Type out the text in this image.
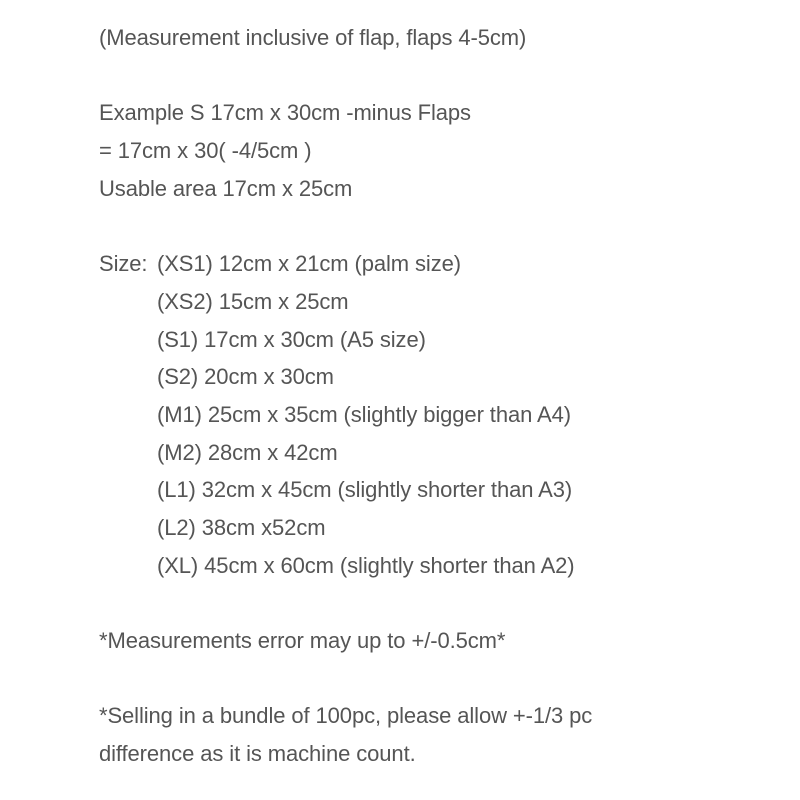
(Measurement inclusive of flap, flaps 4-5cm)
Example S 17cm x 30cm -minus Flaps
= 17cm x 30( -4/5cm )
Usable area 17cm x 25cm
Size: (XS1) 12cm x 21cm (palm size)
(XS2) 15cm x 25cm
(S1) 17cm x 30cm (A5 size)
(S2) 20cm x 30cm
(M1) 25cm x 35cm (slightly bigger than A4)
(M2) 28cm x 42cm
(L1) 32cm x 45cm (slightly shorter than A3)
(L2) 38cm x52cm
(XL) 45cm x 60cm (slightly shorter than A2)
*Measurements error may up to +/-0.5cm*
*Selling in a bundle of 100pc, please allow +-1/3 pc
difference as it is machine count.
